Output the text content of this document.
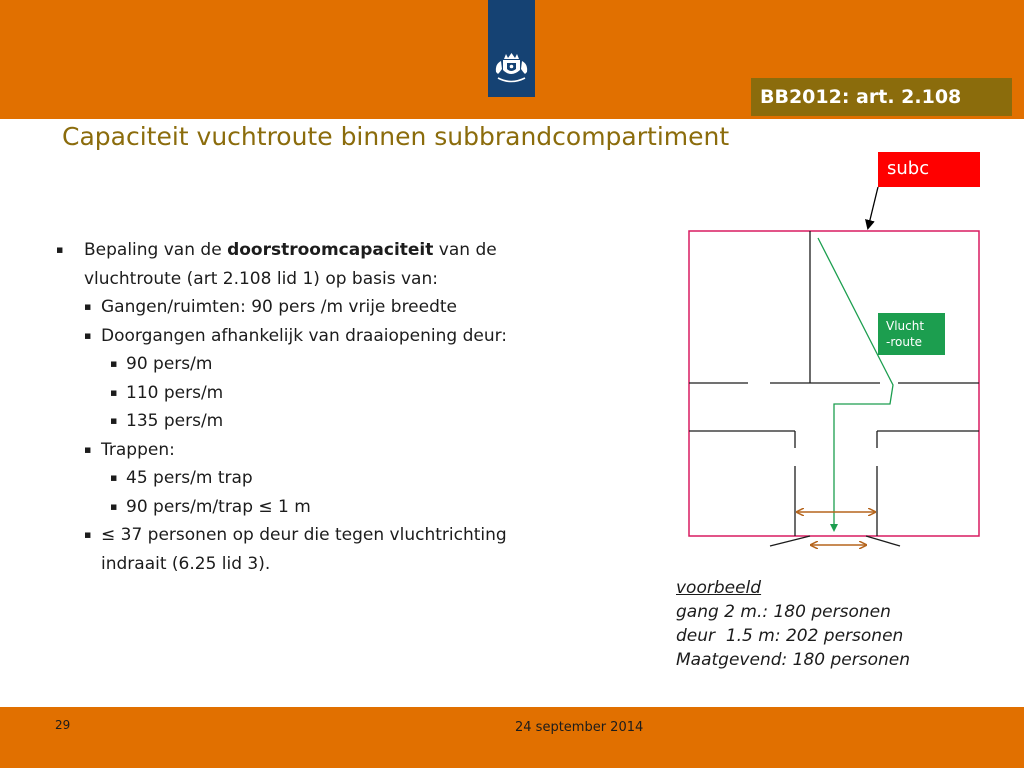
BB2012: art. 2.108
Capaciteit vuchtroute binnen subbrandcompartiment
▪ Bepaling van de doorstroomcapaciteit van de
vluchtroute (art 2.108 lid 1) op basis van:
▪ Gangen/ruimten: 90 pers /m vrije breedte
▪ Doorgangen afhankelijk van draaiopening deur:
▪ 90 pers/m
▪ 110 pers/m
▪ 135 pers/m
▪ Trappen:
▪ 45 pers/m trap
▪ 90 pers/m/trap ≤ 1 m
▪ ≤ 37 personen op deur die tegen vluchtrichting
indraait (6.25 lid 3).
subc
Vlucht
-route
voorbeeld
gang 2 m.: 180 personen
deur  1.5 m: 202 personen
Maatgevend: 180 personen
29	24 september 2014
